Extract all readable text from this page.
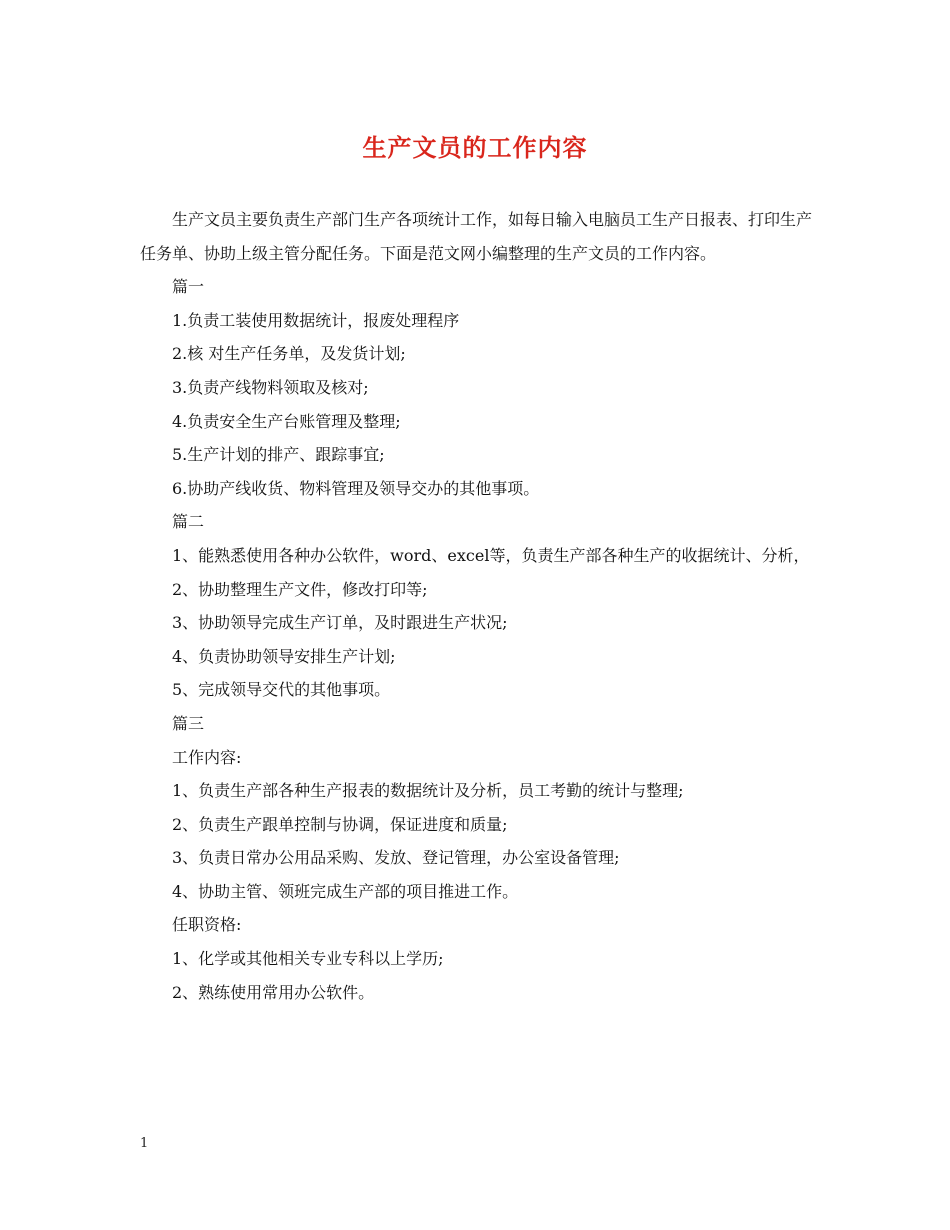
生产文员的工作内容

生产文员主要负责生产部门生产各项统计工作，如每日输入电脑员工生产日报表、打印生产任务单、协助上级主管分配任务。下面是范文网小编整理的生产文员的工作内容。

篇一

1.负责工装使用数据统计，报废处理程序

2.核 对生产任务单，及发货计划;

3.负责产线物料领取及核对;

4.负责安全生产台账管理及整理;

5.生产计划的排产、跟踪事宜;

6.协助产线收货、物料管理及领导交办的其他事项。

篇二

1、能熟悉使用各种办公软件，word、excel等，负责生产部各种生产的收据统计、分析，

2、协助整理生产文件，修改打印等;

3、协助领导完成生产订单，及时跟进生产状况;

4、负责协助领导安排生产计划;

5、完成领导交代的其他事项。

篇三

工作内容:

1、负责生产部各种生产报表的数据统计及分析，员工考勤的统计与整理;

2、负责生产跟单控制与协调，保证进度和质量;

3、负责日常办公用品采购、发放、登记管理，办公室设备管理;

4、协助主管、领班完成生产部的项目推进工作。

任职资格:

1、化学或其他相关专业专科以上学历;

2、熟练使用常用办公软件。

1
